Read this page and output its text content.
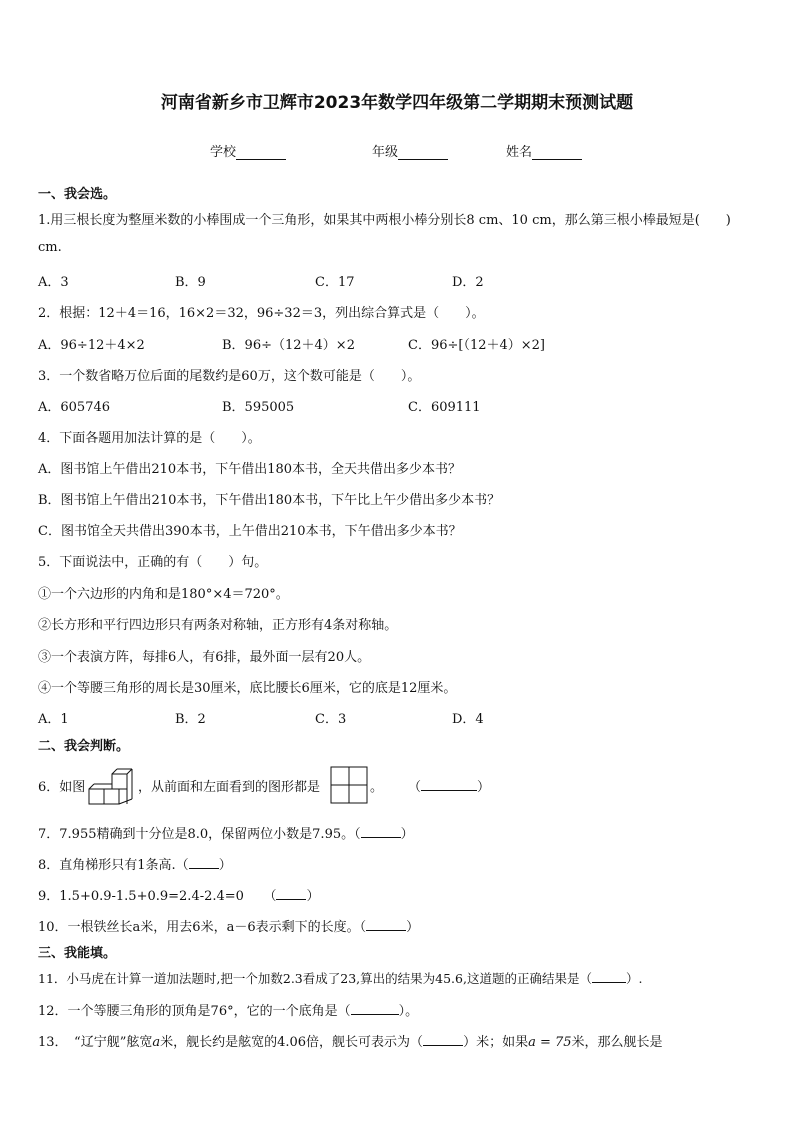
河南省新乡市卫辉市2023年数学四年级第二学期期末预测试题
学校	年级	姓名
一、我会选。
1.用三根长度为整厘米数的小棒围成一个三角形，如果其中两根小棒分别长8 cm、10 cm，那么第三根小棒最短是( )
cm.
A．3	B．9	C．17	D．2
2．根据：12＋4＝16，16×2＝32，96÷32＝3，列出综合算式是（　　）。
A．96÷12＋4×2	B．96÷（12＋4）×2	C．96÷[（12＋4）×2]
3．一个数省略万位后面的尾数约是60万，这个数可能是（　　）。
A．605746	B．595005	C．609111
4．下面各题用加法计算的是（　　）。
A．图书馆上午借出210本书，下午借出180本书，全天共借出多少本书？
B．图书馆上午借出210本书，下午借出180本书，下午比上午少借出多少本书？
C．图书馆全天共借出390本书，上午借出210本书，下午借出多少本书？
5．下面说法中，正确的有（　　）句。
①一个六边形的内角和是180°×4＝720°。
②长方形和平行四边形只有两条对称轴，正方形有4条对称轴。
③一个表演方阵，每排6人，有6排，最外面一层有20人。
④一个等腰三角形的周长是30厘米，底比腰长6厘米，它的底是12厘米。
A．1	B．2	C．3	D．4
二、我会判断。
6．如图	，从前面和左面看到的图形都是	。 （	）
7．7.955精确到十分位是8.0，保留两位小数是7.95。（	）
8．直角梯形只有1条高.（ ）
9．1.5+0.9-1.5+0.9=2.4-2.4=0　　（ ）
10．一根铁丝长a米，用去6米，a－6表示剩下的长度。（	）
三、我能填。
11．小马虎在计算一道加法题时,把一个加数2.3看成了23,算出的结果为45.6,这道题的正确结果是（	）.
12．一个等腰三角形的顶角是76°，它的一个底角是（	）。
13．　“辽宁舰”舷宽a米，舰长约是舷宽的4.06倍，舰长可表示为（	）米；如果a = 75米，那么舰长是
